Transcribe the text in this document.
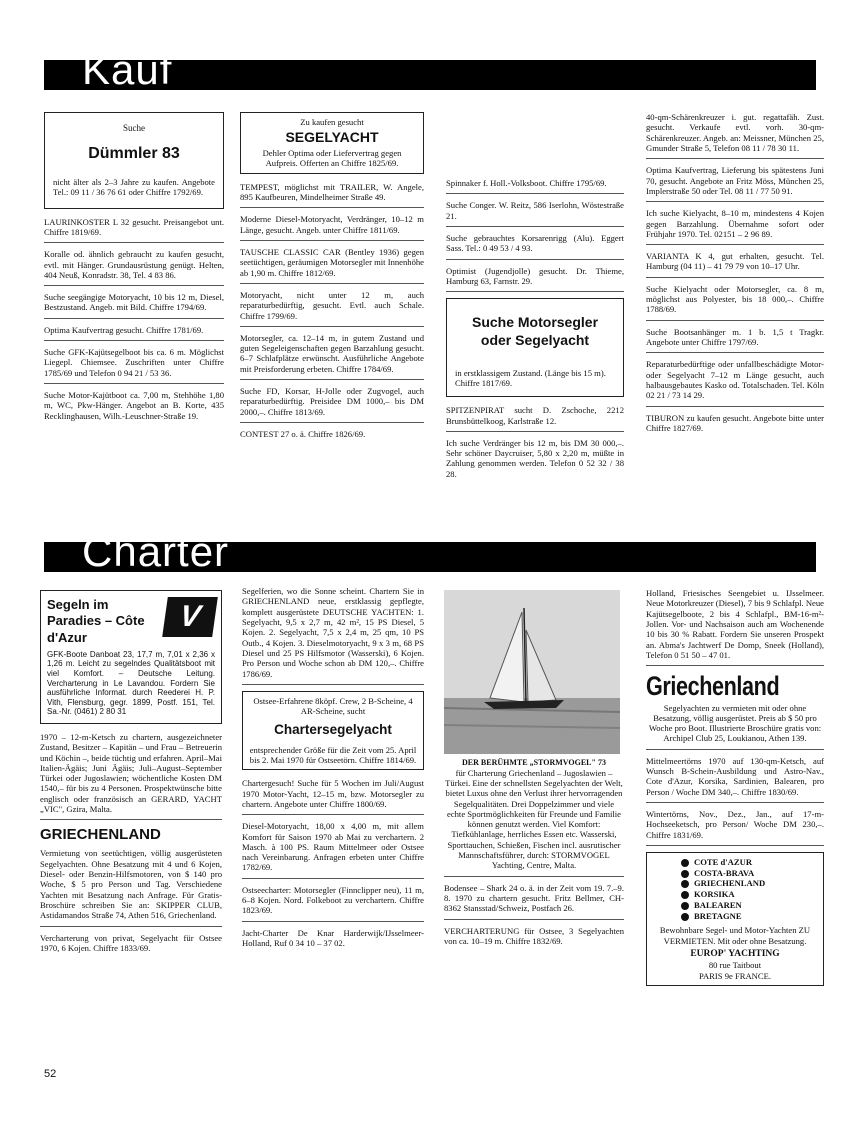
Kauf
Suche
Dümmler 83
nicht älter als 2–3 Jahre zu kaufen. Angebote Tel.: 09 11 / 36 76 61 oder Chiffre 1792/69.
LAURINKOSTER L 32 gesucht. Preisangebot unt. Chiffre 1819/69.
Koralle od. ähnlich gebraucht zu kaufen gesucht, evtl. mit Hänger. Grundausrüstung genügt. Helten, 404 Neuß, Konradstr. 38, Tel. 4 83 86.
Suche seegängige Motoryacht, 10 bis 12 m, Diesel, Bestzustand. Angeb. mit Bild. Chiffre 1794/69.
Optima Kaufvertrag gesucht. Chiffre 1781/69.
Suche GFK-Kajütsegelboot bis ca. 6 m. Möglichst Liegepl. Chiemsee. Zuschriften unter Chiffre 1785/69 und Telefon 0 94 21 / 53 36.
Suche Motor-Kajütboot ca. 7,00 m, Stehhöhe 1,80 m, WC, Pkw-Hänger. Angebot an B. Korte, 435 Recklinghausen, Wilh.-Leuschner-Straße 19.
Zu kaufen gesucht
SEGELYACHT
Dehler Optima oder Liefervertrag gegen Aufpreis. Offerten an Chiffre 1825/69.
TEMPEST, möglichst mit TRAILER, W. Angele, 895 Kaufbeuren, Mindelheimer Straße 49.
Moderne Diesel-Motoryacht, Verdränger, 10–12 m Länge, gesucht. Angeb. unter Chiffre 1811/69.
TAUSCHE CLASSIC CAR (Bentley 1936) gegen seetüchtigen, geräumigen Motorsegler mit Innenhöhe ab 1,90 m. Chiffre 1812/69.
Motoryacht, nicht unter 12 m, auch reparaturbedürftig, gesucht. Evtl. auch Schale. Chiffre 1799/69.
Motorsegler, ca. 12–14 m, in gutem Zustand und guten Segeleigenschaften gegen Barzahlung gesucht. 6–7 Schlafplätze erwünscht. Ausführliche Angebote mit Preisforderung erbeten. Chiffre 1784/69.
Suche FD, Korsar, H-Jolle oder Zugvogel, auch reparaturbedürftig. Preisidee DM 1000,– bis DM 2000,–. Chiffre 1813/69.
CONTEST 27 o. ä. Chiffre 1826/69.
Spinnaker f. Holl.-Volksboot. Chiffre 1795/69.
Suche Conger. W. Reitz, 586 Iserlohn, Wöstestraße 21.
Suche gebrauchtes Korsarenrigg (Alu). Eggert Sass. Tel.: 0 49 53 / 4 93.
Optimist (Jugendjolle) gesucht. Dr. Thieme, Hamburg 63, Farnstr. 29.
Suche Motorsegler oder Segelyacht
in erstklassigem Zustand. (Länge bis 15 m). Chiffre 1817/69.
SPITZENPIRAT sucht D. Zschoche, 2212 Brunsbüttelkoog, Karlstraße 12.
Ich suche Verdränger bis 12 m, bis DM 30 000,–. Sehr schöner Daycruiser, 5,80 x 2,20 m, müßte in Zahlung genommen werden. Telefon 0 52 32 / 38 28.
40-qm-Schärenkreuzer i. gut. regattafäh. Zust. gesucht. Verkaufe evtl. vorh. 30-qm-Schärenkreuzer. Angeb. an: Meissner, München 25, Gmunder Straße 5, Telefon 08 11 / 78 30 11.
Optima Kaufvertrag, Lieferung bis spätestens Juni 70, gesucht. Angebote an Fritz Möss, München 25, Implerstraße 50 oder Tel. 08 11 / 77 50 91.
Ich suche Kielyacht, 8–10 m, mindestens 4 Kojen gegen Barzahlung. Übernahme sofort oder Frühjahr 1970. Tel. 02151 – 2 96 89.
VARIANTA K 4, gut erhalten, gesucht. Tel. Hamburg (04 11) – 41 79 79 von 10–17 Uhr.
Suche Kielyacht oder Motorsegler, ca. 8 m, möglichst aus Polyester, bis 18 000,–. Chiffre 1788/69.
Suche Bootsanhänger m. 1 b. 1,5 t Tragkr. Angebote unter Chiffre 1797/69.
Reparaturbedürftige oder unfallbeschädigte Motor- oder Segelyacht 7–12 m Länge gesucht, auch halbausgebautes Kasko od. Totalschaden. Tel. Köln 02 21 / 73 14 29.
TIBURON zu kaufen gesucht. Angebote bitte unter Chiffre 1827/69.
Charter
Segeln im Paradies – Côte d'Azur
V
GFK-Boote Danboat 23, 17,7 m, 7,01 x 2,36 x 1,26 m. Leicht zu segelndes Qualitätsboot mit viel Komfort. – Deutsche Leitung. Vercharterung in Le Lavandou. Fordern Sie ausführliche Informat. durch Reederei H. P. Vith, Flensburg, gegr. 1899, Postf. 151, Tel. Sa.-Nr. (0461) 2 80 31
1970 – 12-m-Ketsch zu chartern, ausgezeichneter Zustand, Besitzer – Kapitän – und Frau – Betreuerin und Köchin –, beide tüchtig und erfahren. April–Mai Italien-Ägäis; Juni Ägäis; Juli–August–September Türkei oder Jugoslawien; wöchentliche Kosten DM 1540,– für bis zu 4 Personen. Prospektwünsche bitte englisch oder französisch an GERARD, YACHT „VIC", Gzira, Malta.
GRIECHENLAND
Vermietung von seetüchtigen, völlig ausgerüsteten Segelyachten. Ohne Besatzung mit 4 und 6 Kojen, Diesel- oder Benzin-Hilfsmotoren, von $ 140 pro Woche, $ 5 pro Person und Tag. Verschiedene Yachten mit Besatzung nach Anfrage. Für Gratis-Broschüre schreiben Sie an: SKIPPER CLUB, Astidamandos Straße 74, Athen 516, Griechenland.
Vercharterung von privat, Segelyacht für Ostsee 1970, 6 Kojen. Chiffre 1833/69.
Segelferien, wo die Sonne scheint. Chartern Sie in GRIECHENLAND neue, erstklassig gepflegte, komplett ausgerüstete DEUTSCHE YACHTEN: 1. Segelyacht, 9,5 x 2,7 m, 42 m², 15 PS Diesel, 5 Kojen. 2. Segelyacht, 7,5 x 2,4 m, 25 qm, 10 PS Outb., 4 Kojen. 3. Dieselmotoryacht, 9 x 3 m, 68 PS Diesel und 25 PS Hilfsmotor (Wasserski), 6 Kojen. Pro Person und Woche schon ab DM 120,–. Chiffre 1786/69.
Ostsee-Erfahrene 8köpf. Crew, 2 B-Scheine, 4 AR-Scheine, sucht
Chartersegelyacht
entsprechender Größe für die Zeit vom 25. April bis 2. Mai 1970 für Ostseetörn. Chiffre 1814/69.
Chartergesuch! Suche für 5 Wochen im Juli/August 1970 Motor-Yacht, 12–15 m, bzw. Motorsegler zu chartern. Angebote unter Chiffre 1800/69.
Diesel-Motoryacht, 18,00 x 4,00 m, mit allem Komfort für Saison 1970 ab Mai zu verchartern. 2 Masch. à 100 PS. Raum Mittelmeer oder Ostsee nach Vereinbarung. Anfragen erbeten unter Chiffre 1782/69.
Ostseecharter: Motorsegler (Finnclipper neu), 11 m, 6–8 Kojen. Nord. Folkeboot zu verchartern. Chiffre 1823/69.
Jacht-Charter De Knar Harderwijk/IJsselmeer-Holland, Ruf 0 34 10 – 37 02.
DER BERÜHMTE „STORMVOGEL" 73
für Charterung Griechenland – Jugoslawien – Türkei. Eine der schnellsten Segelyachten der Welt, bietet Luxus ohne den Verlust ihrer hervorragenden Segelqualitäten. Drei Doppelzimmer und viele echte Sportmöglichkeiten für Freunde und Familie können genutzt werden. Viel Komfort: Tiefkühlanlage, herrliches Essen etc. Wasserski, Sporttauchen, Schießen, Fischen incl. ausrutischer Mannschaftsführer, durch: STORMVOGEL Yachting, Centre, Malta.
Bodensee – Shark 24 o. ä. in der Zeit vom 19. 7.–9. 8. 1970 zu chartern gesucht. Fritz Bellmer, CH-8362 Stansstad/Schweiz, Postfach 26.
VERCHARTERUNG für Ostsee, 3 Segelyachten von ca. 10–19 m. Chiffre 1832/69.
Holland, Friesisches Seengebiet u. IJsselmeer. Neue Motorkreuzer (Diesel), 7 bis 9 Schlafpl. Neue Kajütsegelboote, 2 bis 4 Schlafpl., BM-16-m²-Jollen. Vor- und Nachsaison auch am Wochenende 10 bis 30 % Rabatt. Fordern Sie unseren Prospekt an. Abma's Jachtwerf De Domp, Sneek (Holland), Telefon 0 51 50 – 47 01.
Griechenland
Segelyachten zu vermieten mit oder ohne Besatzung, völlig ausgerüstet. Preis ab $ 50 pro Woche pro Boot. Illustrierte Broschüre gratis von: Archipel Club 25, Loukianou, Athen 139.
Mittelmeertörns 1970 auf 130-qm-Ketsch, auf Wunsch B-Schein-Ausbildung und Astro-Nav., Cote d'Azur, Korsika, Sardinien, Balearen, pro Person / Woche DM 340,–. Chiffre 1830/69.
Wintertörns, Nov., Dez., Jan., auf 17-m-Hochseeketsch, pro Person/ Woche DM 230,–. Chiffre 1831/69.
COTE d'AZUR
COSTA-BRAVA
GRIECHENLAND
KORSIKA
BALEAREN
BRETAGNE
Bewohnbare Segel- und Motor-Yachten ZU VERMIETEN. Mit oder ohne Besatzung.
EUROP' YACHTING
80 rue Taitbout
PARIS 9e FRANCE.
52
